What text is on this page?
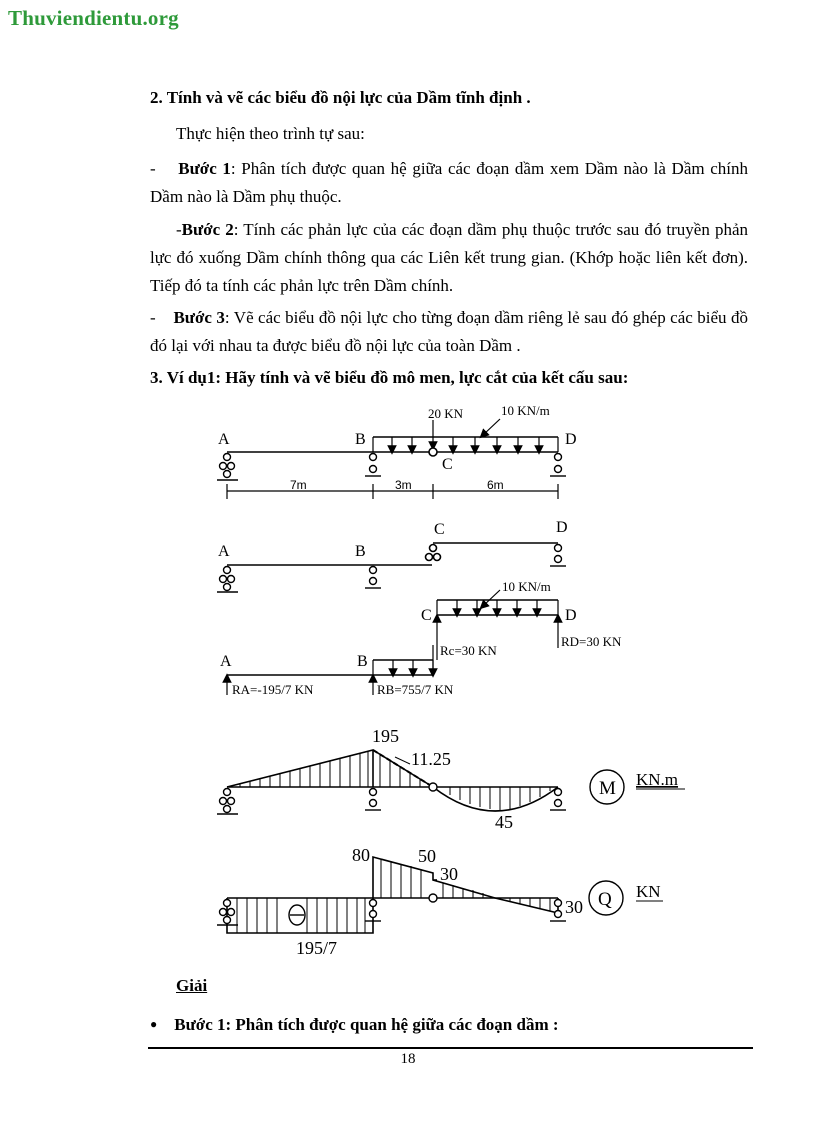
Thuviendientu.org
2. Tính và vẽ các biểu đồ nội lực của Dầm tĩnh định .
Thực hiện theo trình tự sau:
-    Bước 1: Phân tích được quan hệ giữa các đoạn dầm xem Dầm nào là Dầm chính Dầm nào là Dầm phụ thuộc.
-Bước 2: Tính các phản lực của các đoạn dầm phụ thuộc trước sau đó truyền phản lực đó xuống Dầm chính thông qua các Liên kết trung gian. (Khớp hoặc liên kết đơn). Tiếp đó ta tính các phản lực trên Dầm chính.
-    Bước 3: Vẽ các biểu đồ nội lực cho từng đoạn dầm riêng lẻ sau đó ghép các biểu đồ đó lại với nhau ta được biểu đồ nội lực của toàn Dầm .
3. Ví dụ1: Hãy tính và vẽ biểu đồ mô men, lực cắt của kết cấu sau:
A	B
C
D
20 KN	10 KN/m
7m	3m	6m
A	B
C	D
C	D
10 KN/m
Rc=30 KN
RD=30 KN
A	B
RA=-195/7 KN	RB=755/7 KN
195
11.25
45
M KN.m
80	50
30
30
195/7
Q KN
Giải
● Bước 1: Phân tích được quan hệ giữa các đoạn dầm :
18
